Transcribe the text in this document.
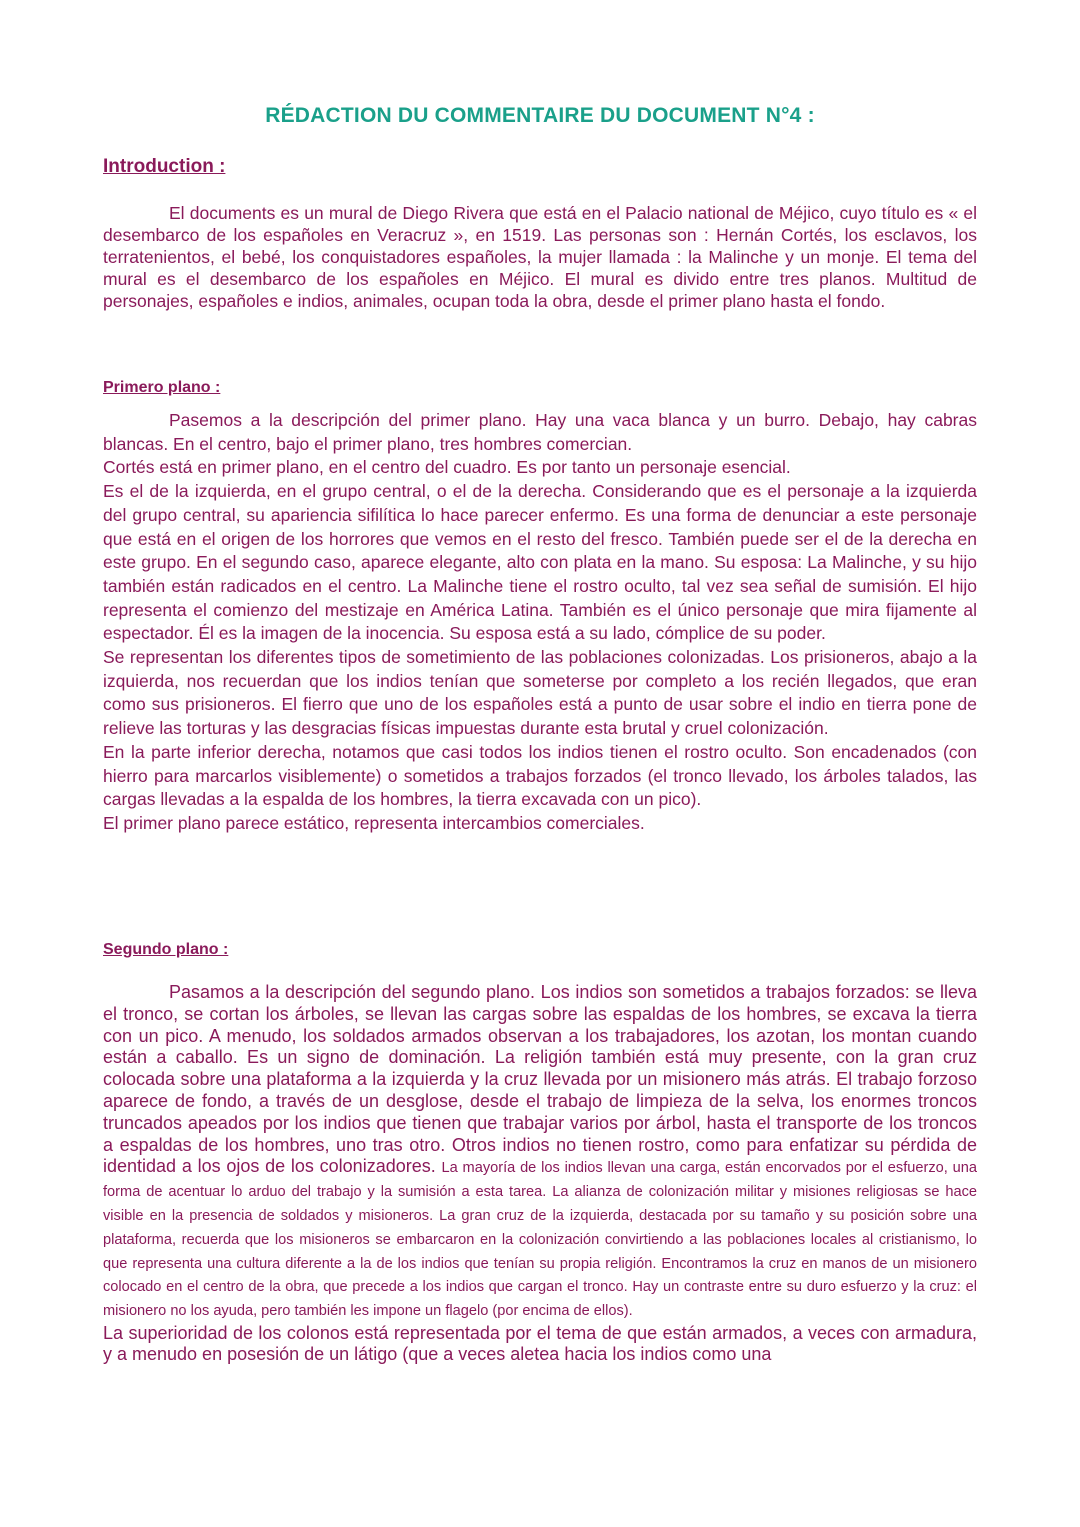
RÉDACTION DU COMMENTAIRE DU DOCUMENT N°4 :
Introduction :

El documents es un mural de Diego Rivera que está en el Palacio national de Méjico, cuyo título es « el desembarco de los españoles en Veracruz », en 1519. Las personas son : Hernán Cortés, los esclavos, los terratenientos, el bebé, los conquistadores españoles, la mujer llamada : la Malinche y un monje. El tema del mural es el desembarco de los españoles en Méjico. El mural es divido entre tres planos. Multitud de personajes, españoles e indios, animales, ocupan toda la obra, desde el primer plano hasta el fondo.

Primero plano :

Pasemos a la descripción del primer plano. Hay una vaca blanca y un burro. Debajo, hay cabras blancas. En el centro, bajo el primer plano, tres hombres comercian.

Cortés está en primer plano, en el centro del cuadro. Es por tanto un personaje esencial.

Es el de la izquierda, en el grupo central, o el de la derecha. Considerando que es el personaje a la izquierda del grupo central, su apariencia sifilítica lo hace parecer enfermo. Es una forma de denunciar a este personaje que está en el origen de los horrores que vemos en el resto del fresco. También puede ser el de la derecha en este grupo. En el segundo caso, aparece elegante, alto con plata en la mano. Su esposa: La Malinche, y su hijo también están radicados en el centro. La Malinche tiene el rostro oculto, tal vez sea señal de sumisión. El hijo representa el comienzo del mestizaje en América Latina. También es el único personaje que mira fijamente al espectador. Él es la imagen de la inocencia. Su esposa está a su lado, cómplice de su poder.

Se representan los diferentes tipos de sometimiento de las poblaciones colonizadas. Los prisioneros, abajo a la izquierda, nos recuerdan que los indios tenían que someterse por completo a los recién llegados, que eran como sus prisioneros. El fierro que uno de los españoles está a punto de usar sobre el indio en tierra pone de relieve las torturas y las desgracias físicas impuestas durante esta brutal y cruel colonización.

En la parte inferior derecha, notamos que casi todos los indios tienen el rostro oculto. Son encadenados (con hierro para marcarlos visiblemente) o sometidos a trabajos forzados (el tronco llevado, los árboles talados, las cargas llevadas a la espalda de los hombres, la tierra excavada con un pico).

El primer plano parece estático, representa intercambios comerciales.

Segundo plano :

Pasamos a la descripción del segundo plano. Los indios son sometidos a trabajos forzados: se lleva el tronco, se cortan los árboles, se llevan las cargas sobre las espaldas de los hombres, se excava la tierra con un pico. A menudo, los soldados armados observan a los trabajadores, los azotan, los montan cuando están a caballo. Es un signo de dominación. La religión también está muy presente, con la gran cruz colocada sobre una plataforma a la izquierda y la cruz llevada por un misionero más atrás. El trabajo forzoso aparece de fondo, a través de un desglose, desde el trabajo de limpieza de la selva, los enormes troncos truncados apeados por los indios que tienen que trabajar varios por árbol, hasta el transporte de los troncos a espaldas de los hombres, uno tras otro. Otros indios no tienen rostro, como para enfatizar su pérdida de identidad a los ojos de los colonizadores. La mayoría de los indios llevan una carga, están encorvados por el esfuerzo, una forma de acentuar lo arduo del trabajo y la sumisión a esta tarea. La alianza de colonización militar y misiones religiosas se hace visible en la presencia de soldados y misioneros. La gran cruz de la izquierda, destacada por su tamaño y su posición sobre una plataforma, recuerda que los misioneros se embarcaron en la colonización convirtiendo a las poblaciones locales al cristianismo, lo que representa una cultura diferente a la de los indios que tenían su propia religión. Encontramos la cruz en manos de un misionero colocado en el centro de la obra, que precede a los indios que cargan el tronco. Hay un contraste entre su duro esfuerzo y la cruz: el misionero no los ayuda, pero también les impone un flagelo (por encima de ellos).

La superioridad de los colonos está representada por el tema de que están armados, a veces con armadura, y a menudo en posesión de un látigo (que a veces aletea hacia los indios como una
